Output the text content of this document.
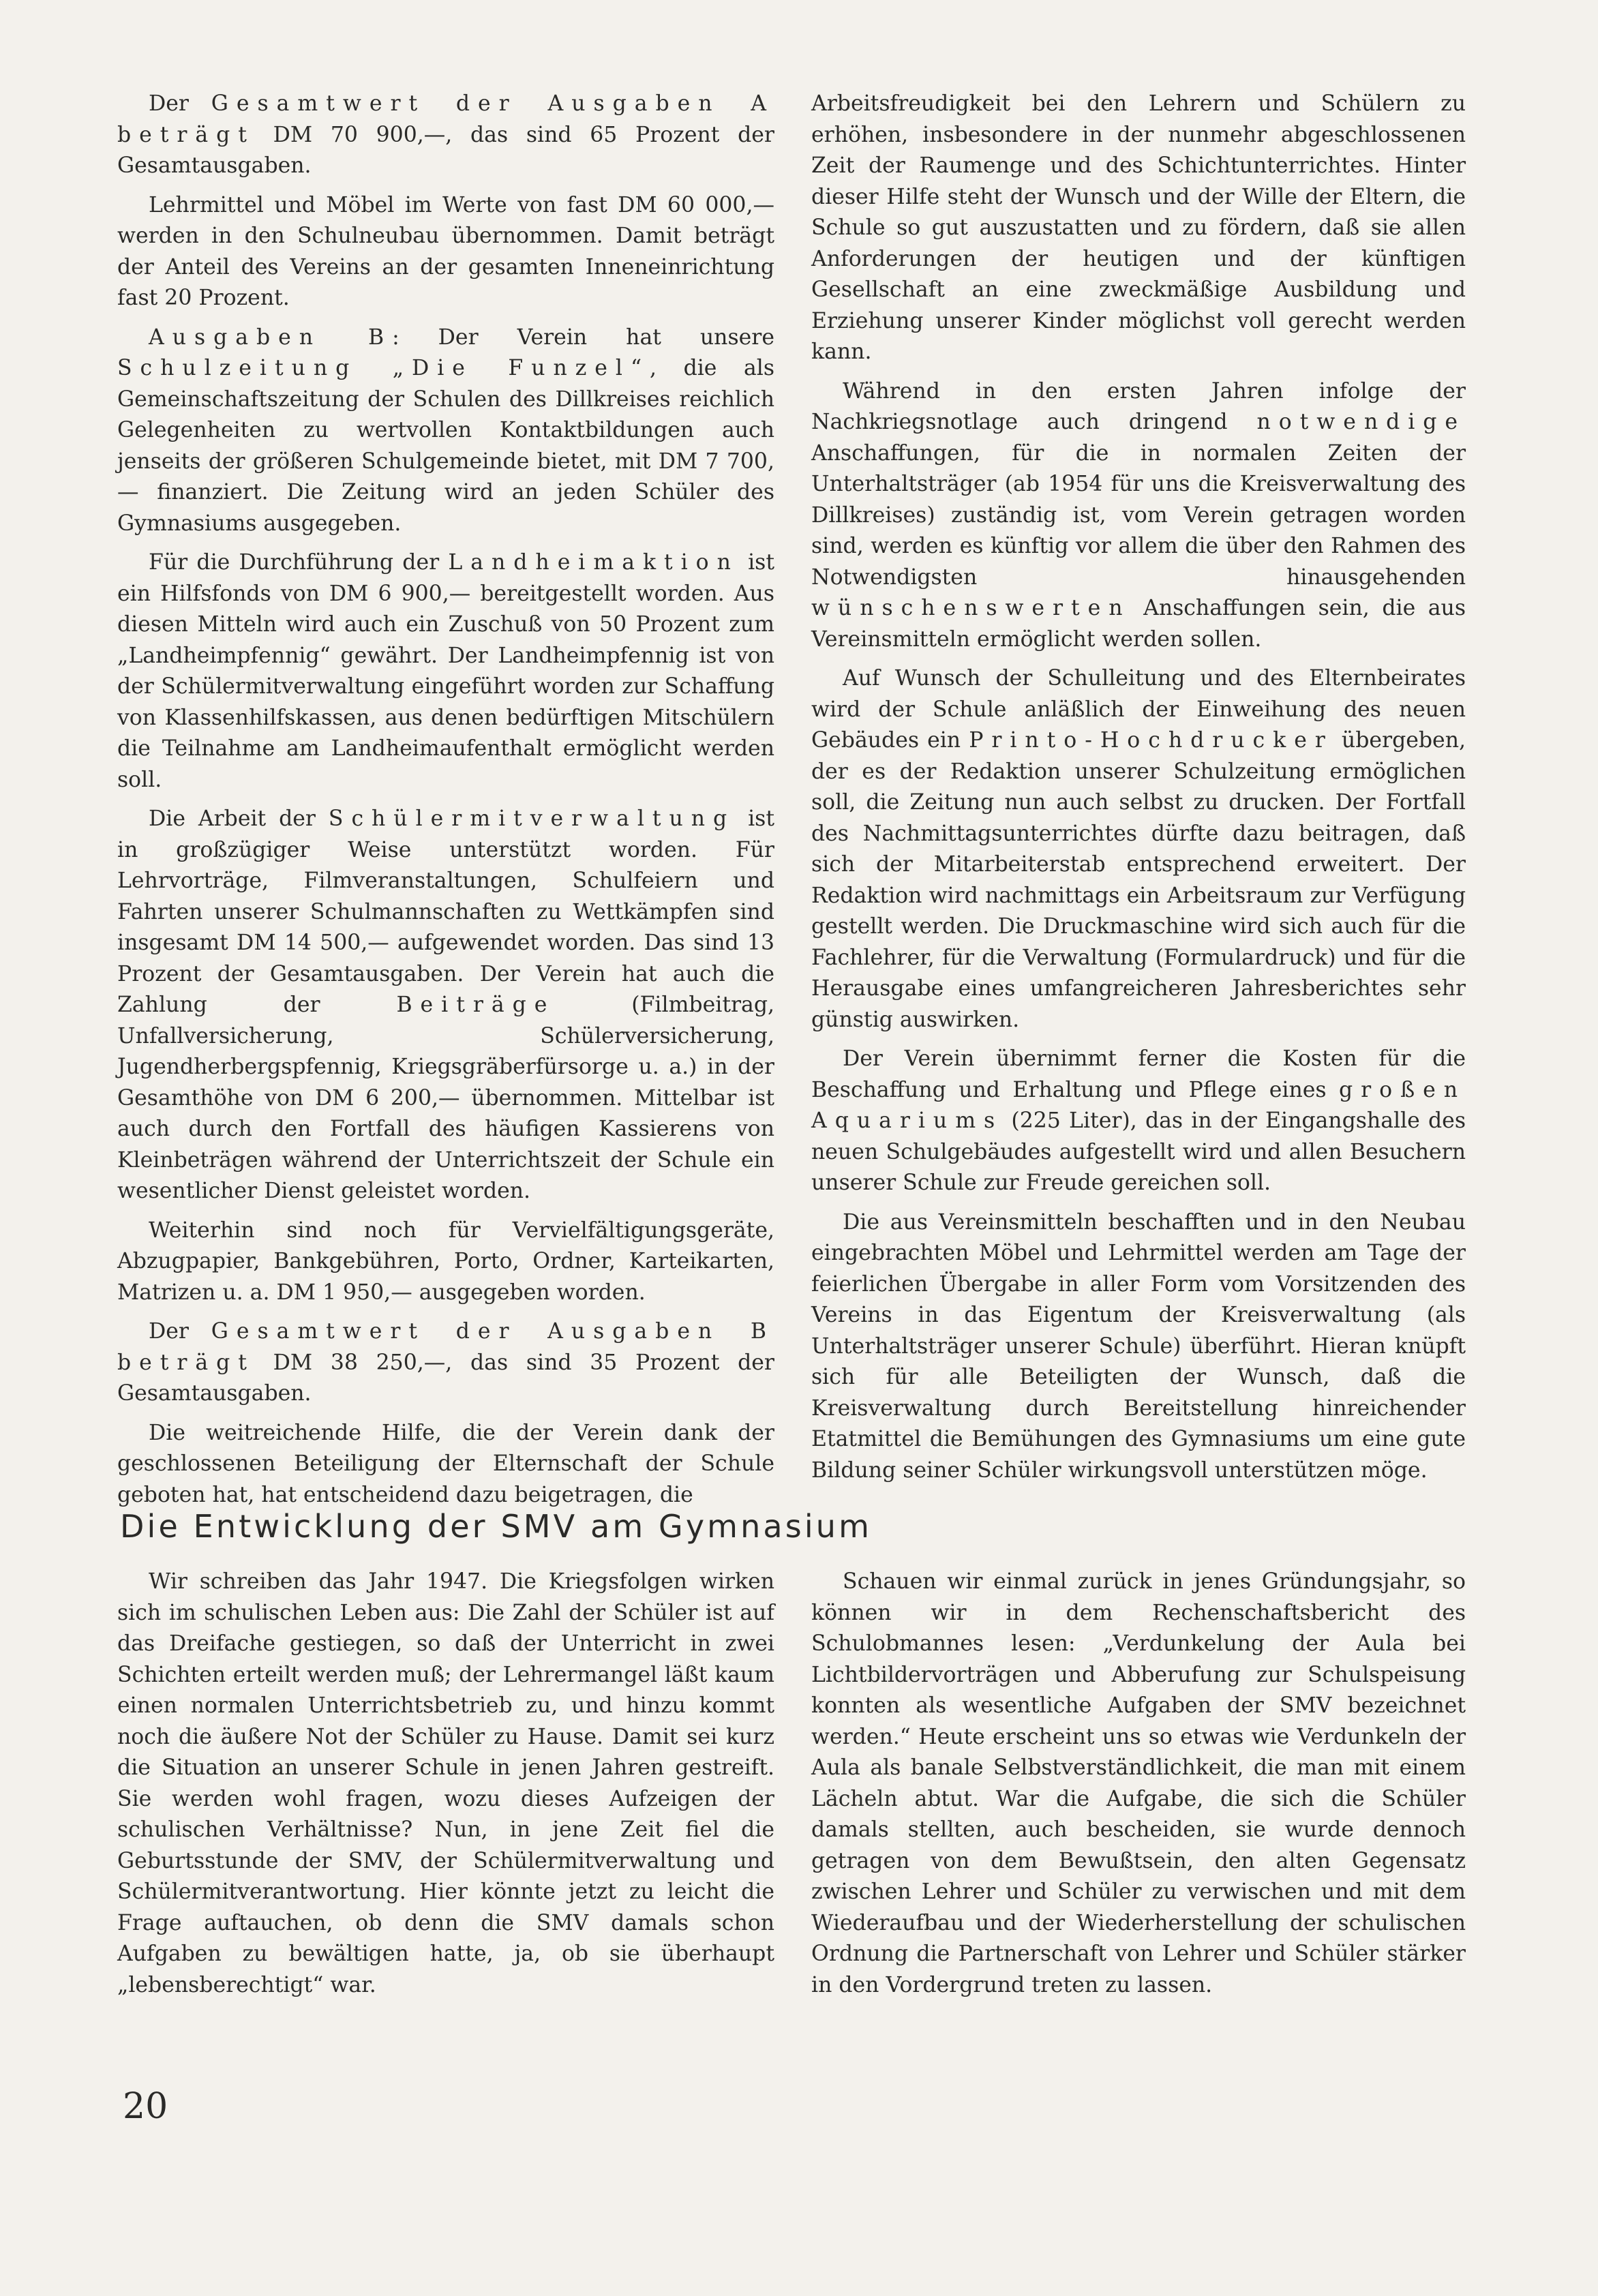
Der Gesamtwert der Ausgaben A beträgt DM 70 900,—, das sind 65 Prozent der Gesamtausgaben.

Lehrmittel und Möbel im Werte von fast DM 60 000,— werden in den Schulneubau übernommen. Damit beträgt der Anteil des Vereins an der gesamten Inneneinrichtung fast 20 Prozent.

Ausgaben B: Der Verein hat unsere Schulzeitung „Die Funzel“, die als Gemeinschaftszeitung der Schulen des Dillkreises reichlich Gelegenheiten zu wertvollen Kontaktbildungen auch jenseits der größeren Schulgemeinde bietet, mit DM 7 700,— finanziert. Die Zeitung wird an jeden Schüler des Gymnasiums ausgegeben.

Für die Durchführung der Landheimaktion ist ein Hilfsfonds von DM 6 900,— bereitgestellt worden. Aus diesen Mitteln wird auch ein Zuschuß von 50 Prozent zum „Landheimpfennig“ gewährt. Der Landheimpfennig ist von der Schülermitverwaltung eingeführt worden zur Schaffung von Klassenhilfskassen, aus denen bedürftigen Mitschülern die Teilnahme am Landheimaufenthalt ermöglicht werden soll.

Die Arbeit der Schülermitverwaltung ist in großzügiger Weise unterstützt worden. Für Lehrvorträge, Filmveranstaltungen, Schulfeiern und Fahrten unserer Schulmannschaften zu Wettkämpfen sind insgesamt DM 14 500,— aufgewendet worden. Das sind 13 Prozent der Gesamtausgaben. Der Verein hat auch die Zahlung der Beiträge (Filmbeitrag, Unfallversicherung, Schülerversicherung, Jugendherbergspfennig, Kriegsgräberfürsorge u. a.) in der Gesamthöhe von DM 6 200,— übernommen. Mittelbar ist auch durch den Fortfall des häufigen Kassierens von Kleinbeträgen während der Unterrichtszeit der Schule ein wesentlicher Dienst geleistet worden.

Weiterhin sind noch für Vervielfältigungsgeräte, Abzugpapier, Bankgebühren, Porto, Ordner, Karteikarten, Matrizen u. a. DM 1 950,— ausgegeben worden.

Der Gesamtwert der Ausgaben B beträgt DM 38 250,—, das sind 35 Prozent der Gesamtausgaben.

Die weitreichende Hilfe, die der Verein dank der geschlossenen Beteiligung der Elternschaft der Schule geboten hat, hat entscheidend dazu beigetragen, die

Arbeitsfreudigkeit bei den Lehrern und Schülern zu erhöhen, insbesondere in der nunmehr abgeschlossenen Zeit der Raumenge und des Schichtunterrichtes. Hinter dieser Hilfe steht der Wunsch und der Wille der Eltern, die Schule so gut auszustatten und zu fördern, daß sie allen Anforderungen der heutigen und der künftigen Gesellschaft an eine zweckmäßige Ausbildung und Erziehung unserer Kinder möglichst voll gerecht werden kann.

Während in den ersten Jahren infolge der Nachkriegsnotlage auch dringend notwendige Anschaffungen, für die in normalen Zeiten der Unterhaltsträger (ab 1954 für uns die Kreisverwaltung des Dillkreises) zuständig ist, vom Verein getragen worden sind, werden es künftig vor allem die über den Rahmen des Notwendigsten hinausgehenden wünschenswerten Anschaffungen sein, die aus Vereinsmitteln ermöglicht werden sollen.

Auf Wunsch der Schulleitung und des Elternbeirates wird der Schule anläßlich der Einweihung des neuen Gebäudes ein Printo-Hochdrucker übergeben, der es der Redaktion unserer Schulzeitung ermöglichen soll, die Zeitung nun auch selbst zu drucken. Der Fortfall des Nachmittagsunterrichtes dürfte dazu beitragen, daß sich der Mitarbeiterstab entsprechend erweitert. Der Redaktion wird nachmittags ein Arbeitsraum zur Verfügung gestellt werden. Die Druckmaschine wird sich auch für die Fachlehrer, für die Verwaltung (Formulardruck) und für die Herausgabe eines umfangreicheren Jahresberichtes sehr günstig auswirken.

Der Verein übernimmt ferner die Kosten für die Beschaffung und Erhaltung und Pflege eines großen Aquariums (225 Liter), das in der Eingangshalle des neuen Schulgebäudes aufgestellt wird und allen Besuchern unserer Schule zur Freude gereichen soll.

Die aus Vereinsmitteln beschafften und in den Neubau eingebrachten Möbel und Lehrmittel werden am Tage der feierlichen Übergabe in aller Form vom Vorsitzenden des Vereins in das Eigentum der Kreisverwaltung (als Unterhaltsträger unserer Schule) überführt. Hieran knüpft sich für alle Beteiligten der Wunsch, daß die Kreisverwaltung durch Bereitstellung hinreichender Etatmittel die Bemühungen des Gymnasiums um eine gute Bildung seiner Schüler wirkungsvoll unterstützen möge.

Die Entwicklung der SMV am Gymnasium

Wir schreiben das Jahr 1947. Die Kriegsfolgen wirken sich im schulischen Leben aus: Die Zahl der Schüler ist auf das Dreifache gestiegen, so daß der Unterricht in zwei Schichten erteilt werden muß; der Lehrermangel läßt kaum einen normalen Unterrichtsbetrieb zu, und hinzu kommt noch die äußere Not der Schüler zu Hause. Damit sei kurz die Situation an unserer Schule in jenen Jahren gestreift. Sie werden wohl fragen, wozu dieses Aufzeigen der schulischen Verhältnisse? Nun, in jene Zeit fiel die Geburtsstunde der SMV, der Schülermitverwaltung und Schülermitverantwortung. Hier könnte jetzt zu leicht die Frage auftauchen, ob denn die SMV damals schon Aufgaben zu bewältigen hatte, ja, ob sie überhaupt „lebensberechtigt“ war.

Schauen wir einmal zurück in jenes Gründungsjahr, so können wir in dem Rechenschaftsbericht des Schulobmannes lesen: „Verdunkelung der Aula bei Lichtbildervorträgen und Abberufung zur Schulspeisung konnten als wesentliche Aufgaben der SMV bezeichnet werden.“ Heute erscheint uns so etwas wie Verdunkeln der Aula als banale Selbstverständlichkeit, die man mit einem Lächeln abtut. War die Aufgabe, die sich die Schüler damals stellten, auch bescheiden, sie wurde dennoch getragen von dem Bewußtsein, den alten Gegensatz zwischen Lehrer und Schüler zu verwischen und mit dem Wiederaufbau und der Wiederherstellung der schulischen Ordnung die Partnerschaft von Lehrer und Schüler stärker in den Vordergrund treten zu lassen.

20
